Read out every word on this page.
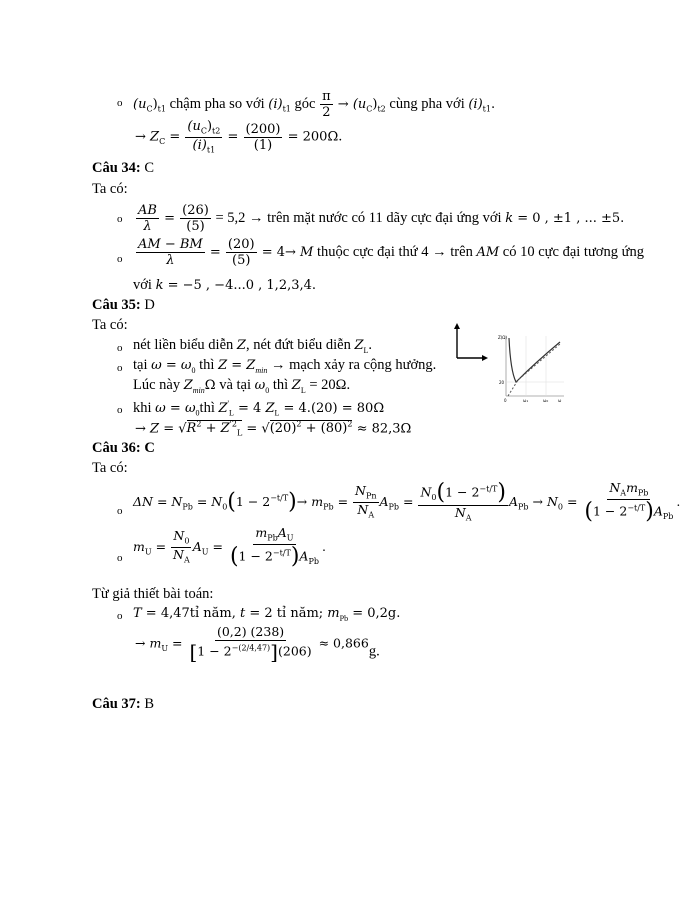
o $(u_C)_{t1}$ chậm pha so với $(i)_{t1}$ góc $\frac{\pi}{2} \to (u_C)_{t2}$ cùng pha với $(i)_{t1}$.
→ $Z_C = \frac{(u_C)_{t2}}{(i)_{t1}} = \frac{(200)}{(1)} = 200\Omega$.
Câu 34: C
Ta có:
o $\frac{AB}{\lambda} = \frac{(26)}{(5)} = 5,2$ → trên mặt nước có 11 dãy cực đại ứng với k = 0 , ±1 , ... ±5.
o $\frac{AM - BM}{\lambda} = \frac{(20)}{(5)} = 4\to M$ thuộc cực đại thứ 4 → trên AM có 10 cực đại tương ứng
với k = −5 , −4...0 , 1,2,3,4.
Câu 35: D
Ta có:
o nét liền biểu diễn Z, nét đứt biểu diễn $Z_L$.
o tại $\omega = \omega_0$ thì $Z = Z_{min}$ → mạch xảy ra cộng hưởng.
Lúc này $Z_{min}\Omega$ và tại $\omega_0$ thì $Z_L = 20\Omega$.
o khi $\omega = \omega_0thì$ $Z'_L = 4$ $Z_L = 4.(20) = 80\Omega$
→ $Z = √R^2 + Z^{'2}_L = √(20)^2 + (80)^2 \approx 82,3\Omega$
Z(Ω)
20
0	ω1	ω0 ω
Câu 36: C
Ta có:
o
$\Delta N = N_{Pb} = N_0(1 - 2^{-t/T})\to m_{Pb} = \frac{N_{Pn}}{N_A} A_{Pb} = \frac{N_0(1 - 2^{-t/T})}{N_A} A_{Pb} \to N_0 = \frac{N_Am_{Pb}}{(1 - 2^{-t/T})A_{Pb}}$ .
o
$m_U = \frac{N_0}{N_A} A_U = \frac{m_{Pb}A_U}{(1 - 2^{-t/T})A_{Pb}}$ .
Từ giả thiết bài toán:
o T = 4,47tỉ năm, t = 2 tỉ năm; $m_{Pb} = 0,2g$.
→ $m_U = \frac{(0,2) (238)}{[1 - 2^{-(2/4,47)}](206)} \approx 0,866g$.
Câu 37: B
